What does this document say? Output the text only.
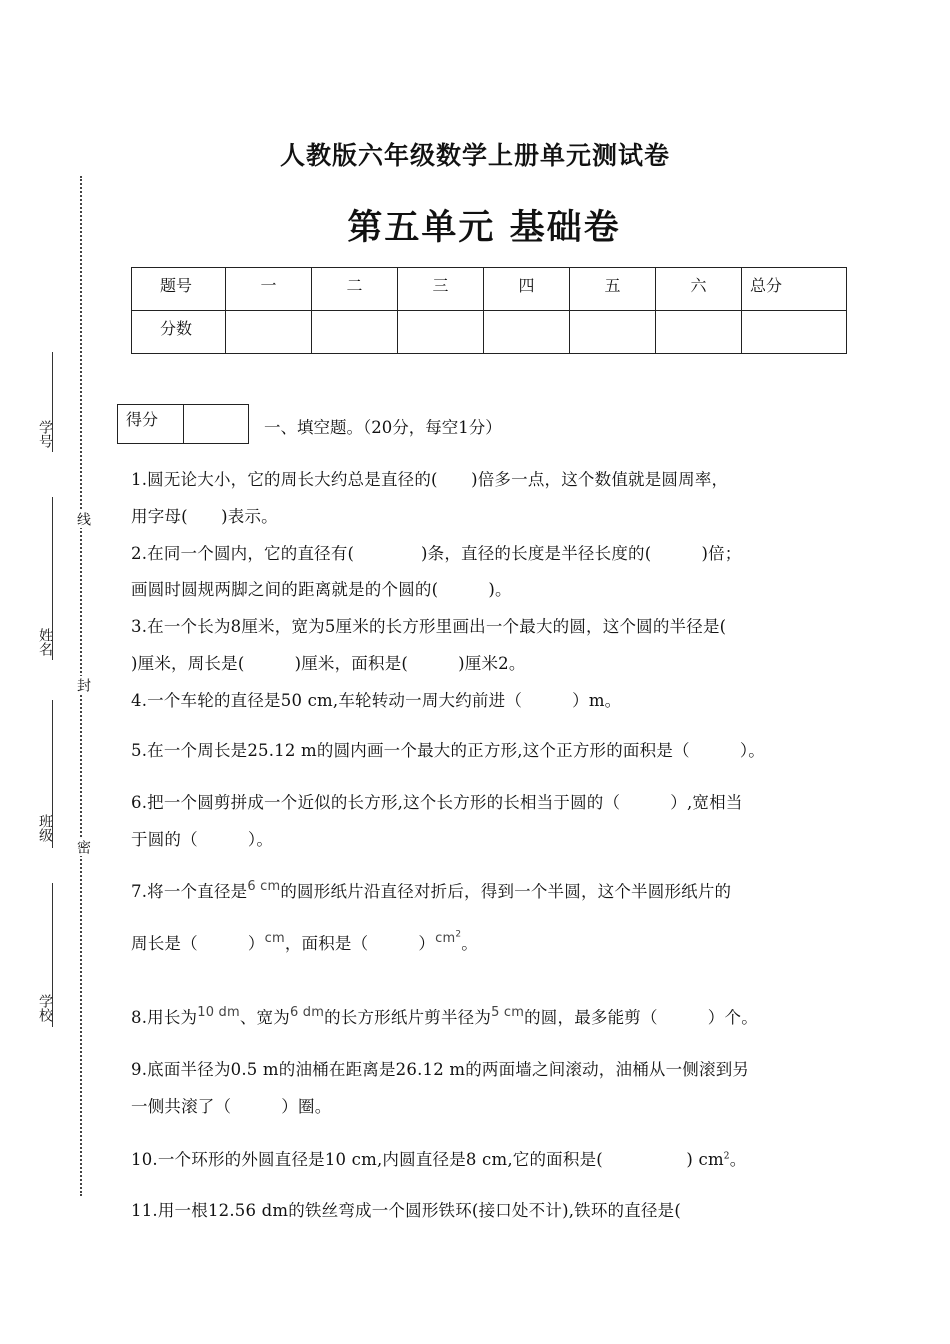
人教版六年级数学上册单元测试卷
第五单元 基础卷
题号	一	二	三	四	五	六	总分

分数							

学号
姓名
班级
学校
线
封
密
得分	一、填空题。（20分，每空1分）
1.圆无论大小，它的周长大约总是直径的(　　)倍多一点，这个数值就是圆周率，
用字母(　　)表示。
2.在同一个圆内，它的直径有(　　　　)条，直径的长度是半径长度的(　　　)倍；
画圆时圆规两脚之间的距离就是的个圆的(　　　)。
3.在一个长为8厘米，宽为5厘米的长方形里画出一个最大的圆，这个圆的半径是(
)厘米，周长是(　　　)厘米，面积是(　　　)厘米2。
4.一个车轮的直径是50 cm,车轮转动一周大约前进（　　　）m。
5.在一个周长是25.12 m的圆内画一个最大的正方形,这个正方形的面积是（　　　）。
6.把一个圆剪拼成一个近似的长方形,这个长方形的长相当于圆的（　　　）,宽相当
于圆的（　　　）。
7.将一个直径是$^{6 cm}$的圆形纸片沿直径对折后，得到一个半圆，这个半圆形纸片的
周长是（　　　）$^{cm}$，面积是（　　　）$^{cm^2}$。
8.用长为$^{10 dm}$、宽为$^{6 dm}$的长方形纸片剪半径为$^{5 cm}$的圆，最多能剪（　　　）个。
9.底面半径为0.5 m的油桶在距离是26.12 m的两面墙之间滚动，油桶从一侧滚到另
一侧共滚了（　　　）圈。
10.一个环形的外圆直径是10 cm,内圆直径是8 cm,它的面积是(　　　　　) $cm^2$。
11.用一根12.56 dm的铁丝弯成一个圆形铁环(接口处不计),铁环的直径是(
